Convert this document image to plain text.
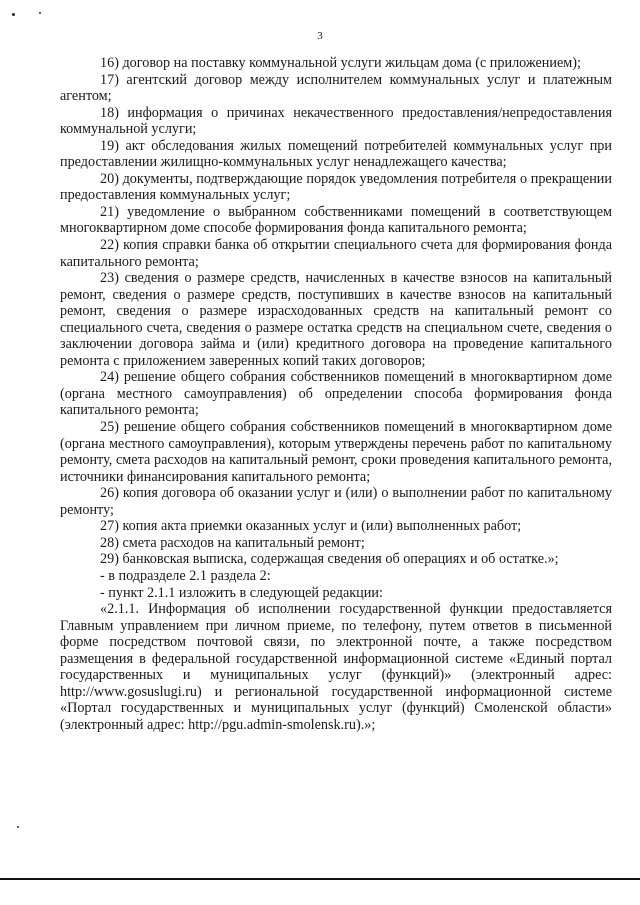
3

16) договор на поставку коммунальной услуги жильцам дома (с приложением);

17) агентский договор между исполнителем коммунальных услуг и платежным агентом;

18) информация о причинах некачественного предоставления/непредоставления коммунальной услуги;

19) акт обследования жилых помещений потребителей коммунальных услуг при предоставлении жилищно-коммунальных услуг ненадлежащего качества;

20) документы, подтверждающие порядок уведомления потребителя о прекращении предоставления коммунальных услуг;

21) уведомление о выбранном собственниками помещений в соответствующем многоквартирном доме способе формирования фонда капитального ремонта;

22) копия справки банка об открытии специального счета для формирования фонда капитального ремонта;

23) сведения о размере средств, начисленных в качестве взносов на капитальный ремонт, сведения о размере средств, поступивших в качестве взносов на капитальный ремонт, сведения о размере израсходованных средств на капитальный ремонт со специального счета, сведения о размере остатка средств на специальном счете, сведения о заключении договора займа и (или) кредитного договора на проведение капитального ремонта с приложением заверенных копий таких договоров;

24) решение общего собрания собственников помещений в многоквартирном доме (органа местного самоуправления) об определении способа формирования фонда капитального ремонта;

25) решение общего собрания собственников помещений в многоквартирном доме (органа местного самоуправления), которым утверждены перечень работ по капитальному ремонту, смета расходов на капитальный ремонт, сроки проведения капитального ремонта, источники финансирования капитального ремонта;

26) копия договора об оказании услуг и (или) о выполнении работ по капитальному ремонту;

27) копия акта приемки оказанных услуг и (или) выполненных работ;

28) смета расходов на капитальный ремонт;

29) банковская выписка, содержащая сведения об операциях и об остатке.»;

- в подразделе 2.1 раздела 2:

- пункт 2.1.1 изложить в следующей редакции:

«2.1.1. Информация об исполнении государственной функции предоставляется Главным управлением при личном приеме, по телефону, путем ответов в письменной форме посредством почтовой связи, по электронной почте, а также посредством размещения в федеральной государственной информационной системе «Единый портал государственных и муниципальных услуг (функций)» (электронный адрес: http://www.gosuslugi.ru) и региональной государственной информационной системе «Портал государственных и муниципальных услуг (функций) Смоленской области» (электронный адрес: http://pgu.admin-smolensk.ru).»;
